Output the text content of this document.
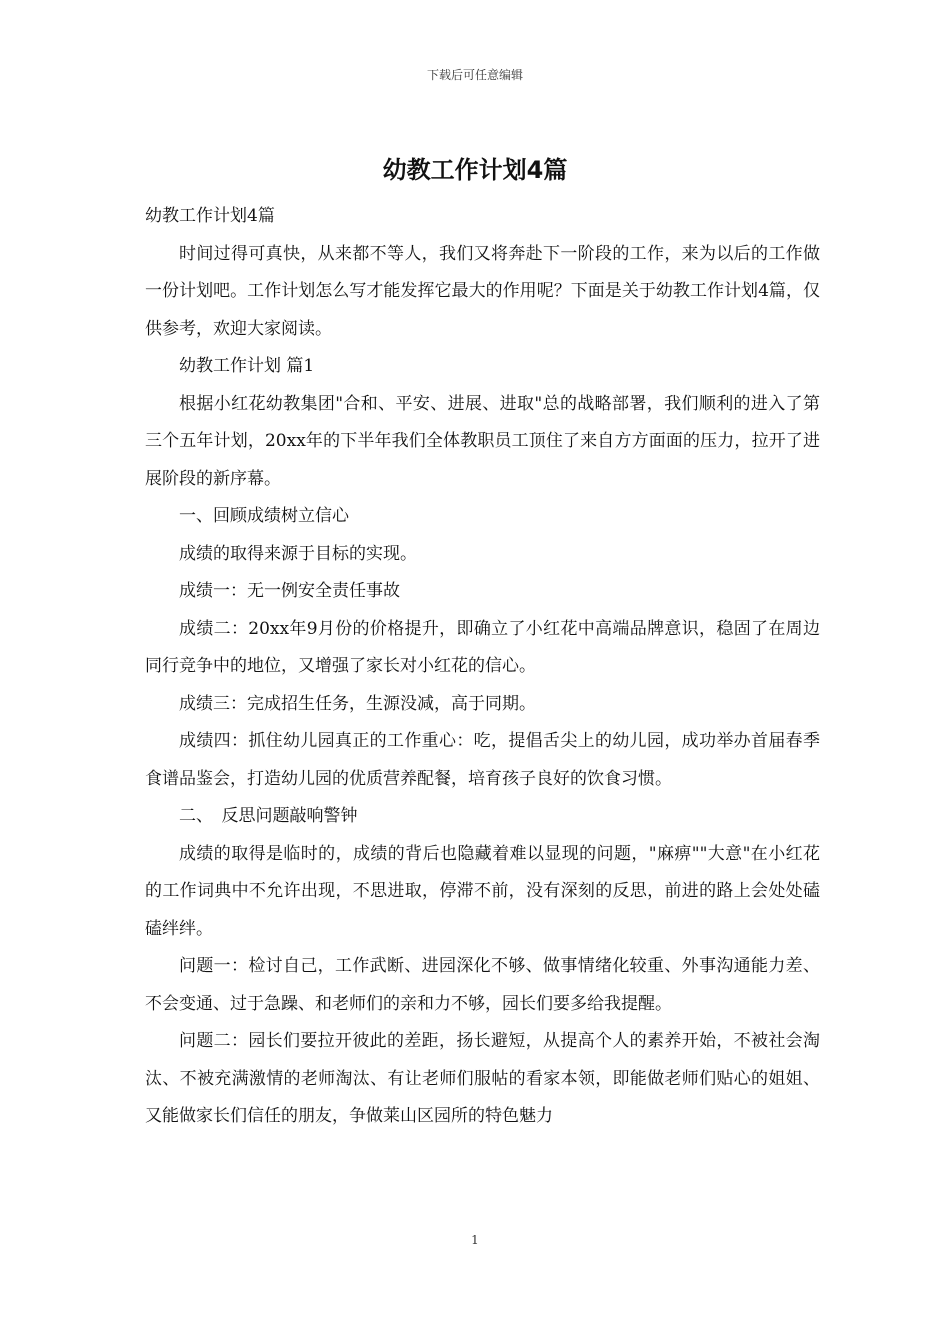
下载后可任意编辑
幼教工作计划4篇

幼教工作计划4篇

时间过得可真快，从来都不等人，我们又将奔赴下一阶段的工作，来为以后的工作做一份计划吧。工作计划怎么写才能发挥它最大的作用呢？下面是关于幼教工作计划4篇，仅供参考，欢迎大家阅读。

幼教工作计划 篇1

根据小红花幼教集团"合和、平安、进展、进取"总的战略部署，我们顺利的进入了第三个五年计划，20xx年的下半年我们全体教职员工顶住了来自方方面面的压力，拉开了进展阶段的新序幕。

一、回顾成绩树立信心

成绩的取得来源于目标的实现。

成绩一：无一例安全责任事故

成绩二：20xx年9月份的价格提升，即确立了小红花中高端品牌意识，稳固了在周边同行竞争中的地位，又增强了家长对小红花的信心。

成绩三：完成招生任务，生源没减，高于同期。

成绩四：抓住幼儿园真正的工作重心：吃，提倡舌尖上的幼儿园，成功举办首届春季食谱品鉴会，打造幼儿园的优质营养配餐，培育孩子良好的饮食习惯。

二、　反思问题敲响警钟

成绩的取得是临时的，成绩的背后也隐藏着难以显现的问题，"麻痹""大意"在小红花的工作词典中不允许出现，不思进取，停滞不前，没有深刻的反思，前进的路上会处处磕磕绊绊。

问题一：检讨自己，工作武断、进园深化不够、做事情绪化较重、外事沟通能力差、不会变通、过于急躁、和老师们的亲和力不够，园长们要多给我提醒。

问题二：园长们要拉开彼此的差距，扬长避短，从提高个人的素养开始，不被社会淘汰、不被充满激情的老师淘汰、有让老师们服帖的看家本领，即能做老师们贴心的姐姐、又能做家长们信任的朋友，争做莱山区园所的特色魅力

1
